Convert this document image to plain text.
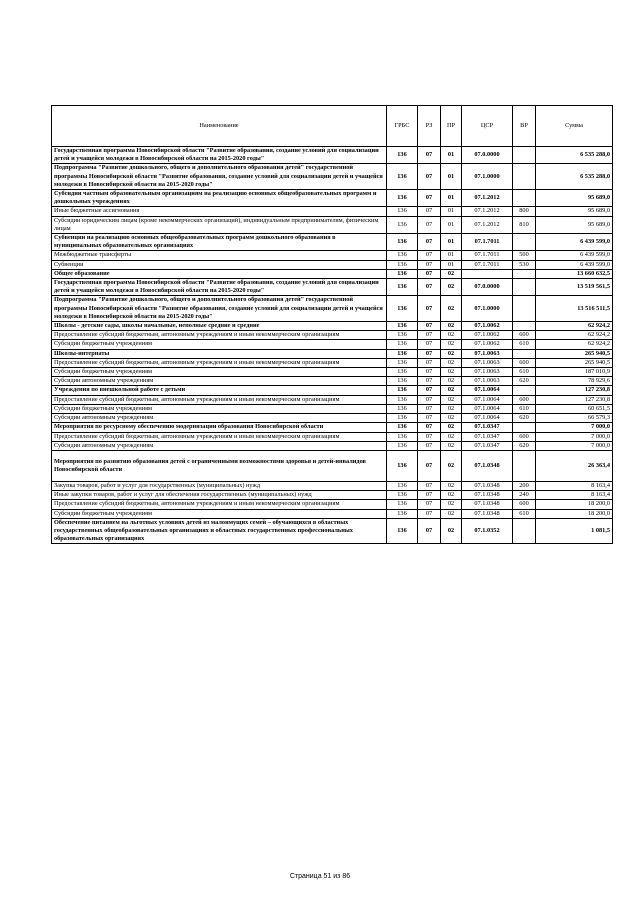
Наименование	ГРБС	РЗ	ПР	ЦСР	ВР	Сумма
Государственная программа Новосибирской области "Развитие образования, создание условий для социализации детей и учащейся молодежи в Новосибирской области на 2015-2020 годы"	136	07	01	07.0.0000		6 535 288,0
Подпрограмма "Развитие дошкольного, общего и дополнительного образования детей" государственной программы Новосибирской области "Развитие образования, создание условий для социализации детей и учащейся молодежи в Новосибирской области на 2015-2020 годы"	136	07	01	07.1.0000		6 535 288,0
Субсидии частным образовательным организациям на реализацию основных общеобразовательных программ и дошкольных учреждениях	136	07	01	07.1.2012		95 689,0
Иные бюджетные ассигнования	136	07	01	07.1.2012	800	95 689,0
Субсидии юридическим лицам (кроме некоммерческих организаций), индивидуальным предпринимателям, физическим лицам	136	07	01	07.1.2012	810	95 689,0
Субвенции на реализацию основных общеобразовательных программ дошкольного образования в муниципальных образовательных организациях	136	07	01	07.1.7011		6 439 599,0
Межбюджетные трансферты	136	07	01	07.1.7011	500	6 439 599,0
Субвенции	136	07	01	07.1.7011	530	6 439 599,0
Общее образование	136	07	02			13 660 632,5
Государственная программа Новосибирской области "Развитие образования, создание условий для социализации детей и учащейся молодежи в Новосибирской области на 2015-2020 годы"	136	07	02	07.0.0000		13 519 561,5
Подпрограмма "Развитие дошкольного, общего и дополнительного образования детей" государственной программы Новосибирской области "Развитие образования, создание условий для социализации детей и учащейся молодежи в Новосибирской области на 2015-2020 годы"	136	07	02	07.1.0000		13 516 511,5
Школы - детские сады, школы начальные, неполные средние и средние	136	07	02	07.1.0062		62 924,2
Предоставление субсидий бюджетным, автономным учреждениям и иным некоммерческим организациям	136	07	02	07.1.0062	600	62 924,2
Субсидии бюджетным учреждениям	136	07	02	07.1.0062	610	62 924,2
Школы-интернаты	136	07	02	07.1.0063		265 940,5
Предоставление субсидий бюджетным, автономным учреждениям и иным некоммерческим организациям	136	07	02	07.1.0063	600	265 940,5
Субсидии бюджетным учреждениям	136	07	02	07.1.0063	610	187 010,9
Субсидии автономным учреждениям	136	07	02	07.1.0063	620	78 929,6
Учреждения по внешкольной работе с детьми	136	07	02	07.1.0064		127 230,8
Предоставление субсидий бюджетным, автономным учреждениям и иным некоммерческим организациям	136	07	02	07.1.0064	600	127 230,8
Субсидии бюджетным учреждениям	136	07	02	07.1.0064	610	60 651,5
Субсидии автономным учреждениям	136	07	02	07.1.0064	620	66 579,3
Мероприятия по ресурсному обеспечению модернизации образования Новосибирской области	136	07	02	07.1.0347		7 000,0
Предоставление субсидий бюджетным, автономным учреждениям и иным некоммерческим организациям	136	07	02	07.1.0347	600	7 000,0
Субсидии автономным учреждениям	136	07	02	07.1.0347	620	7 000,0
Мероприятия по развитию образования детей с ограниченными возможностями здоровья и детей-инвалидов Новосибирской области	136	07	02	07.1.0348		26 363,4
Закупка товаров, работ и услуг для государственных (муниципальных) нужд	136	07	02	07.1.0348	200	8 163,4
Иные закупки товаров, работ и услуг для обеспечения государственных (муниципальных) нужд	136	07	02	07.1.0348	240	8 163,4
Предоставление субсидий бюджетным, автономным учреждениям и иным некоммерческим организациям	136	07	02	07.1.0348	600	18 200,0
Субсидии бюджетным учреждениям	136	07	02	07.1.0348	610	18 200,0
Обеспечение питанием на льготных условиях детей из малоимущих семей – обучающихся в областных государственных общеобразовательных организациях и областных государственных профессиональных образовательных организациях	136	07	02	07.1.0352		1 081,5
Страница 51 из 86
